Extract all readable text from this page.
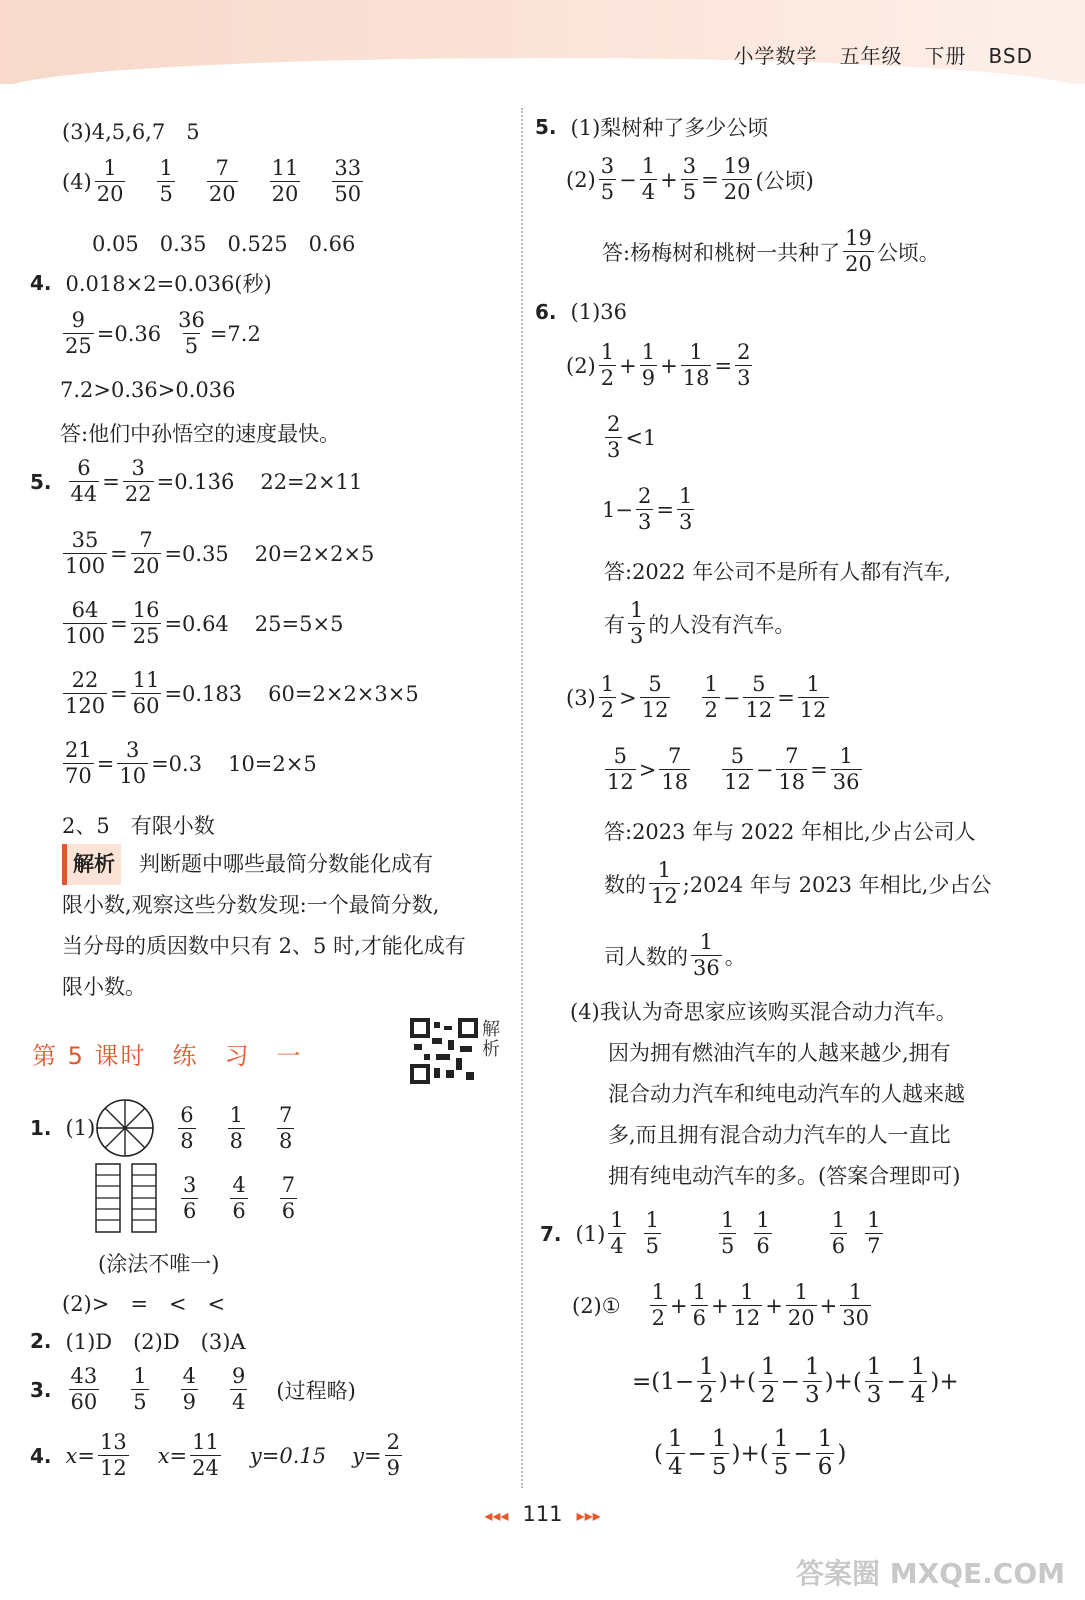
小学数学 五年级 下册 BSD
(3)4,5,6,7　5
(4)
1
20
1
5
7
20
11
20
33
50
0.05　0.35　0.525　0.66
4. 0.018×2=0.036(秒)
$\frac{9}{25} =0.36 \frac{36}{5} =7.2$
7.2>0.36>0.036
答:他们中孙悟空的速度最快。
5.
6
44
= $\frac{3}{22} =0.1$ 3̇6̇ 22=2×11
35
100
= $\frac{7}{20} =0.35$ 20=2×2×5
64
100
= $\frac{16}{25} =0.64$ 25=5×5
22
120
= $\frac{11}{60} =0.18$ 3̇ 60=2×2×3×5
21
70
= $\frac{3}{10} =0.3$ 10=2×5
2、5　有限小数
解析 判断题中哪些最简分数能化成有
限小数,观察这些分数发现:一个最简分数,
当分母的质因数中只有 2、5 时,才能化成有
限小数。
第 5 课时　练　习　一
解析
1. (1)
6
8
1
8
7
8
3
6
4
6
7
6
(涂法不唯一)
(2)>　=　<　<
2. (1)D　(2)D　(3)A
3.
43
60
1
5
4
9
9
4 (过程略)
4. $x= \frac{13}{12} x= \frac{11}{24} y=0.15$ $y= \frac{2}{9}$
5. (1)梨树种了多少公顷
(2)
3
5
− $\frac{1}{4} + \frac{3}{5} = \frac{19}{20}$ (公顷)
答:杨梅树和桃树一共种了
19
20 公顷。
6. (1)36
(2)
1
2
+ $\frac{1}{9} + \frac{1}{18} = \frac{2}{3}$
2
3
<1
$1- \frac{2}{3} = \frac{1}{3}$
答:2022 年公司不是所有人都有汽车,
有
1
3 的人没有汽车。
(3)
1
2
>
5
12
1
2
− $\frac{5}{12} = \frac{1}{12}$
5
12
>
7
18
5
12
− $\frac{7}{18} = \frac{1}{36}$
答:2023 年与 2022 年相比,少占公司人
数的
1
12 ;2024 年与 2023 年相比,少占公
司人数的
1
36 。
(4)我认为奇思家应该购买混合动力汽车。
因为拥有燃油汽车的人越来越少,拥有
混合动力汽车和纯电动汽车的人越来越
多,而且拥有混合动力汽车的人一直比
拥有纯电动汽车的多。(答案合理即可)
7. (1)
1
4
1
5
1
5
1
6
1
6
1
7
(2)①
1
2
+ $\frac{1}{6} + \frac{1}{12} + \frac{1}{20} + \frac{1}{30}$
$=(1- \frac{1}{2}$ )+(
1
2
−
1
3
)+(
1
3
−
1
4
)+
(
1
4
−
1
5
)+(
1
5
−
1
6
)
◂◂◂ 111 ▸▸▸
答案圈 MXQE.COM
